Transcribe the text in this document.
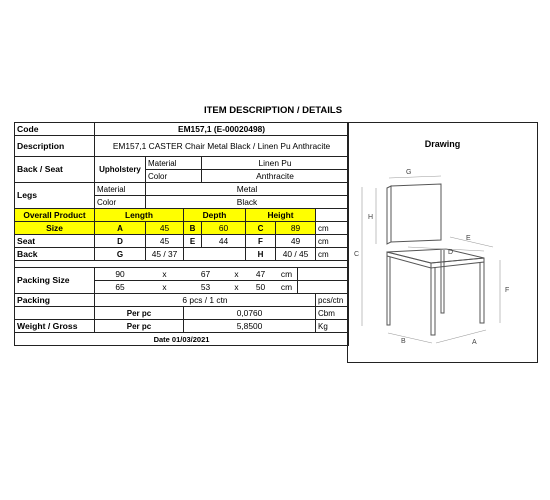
ITEM DESCRIPTION / DETAILS
Code	EM157,1 (E-00020498)								
Description	EM157,1 CASTER Chair Metal Black / Linen Pu Anthracite								
Back / Seat	Upholstery	Material		Linen Pu					
		Color		Anthracite					
Legs	Material	Metal							
	Color	Black							
Overall Product	Length		Depth			Height			
Size	A	45	B	60		C	89		cm
Seat	D	45	E	44		F	49		cm
Back	G	45 / 37				H	40 / 45		cm

Packing Size	90	x	67		x	47	cm		
	65	x	53		x	50	cm		
Packing	6 pcs / 1 ctn								pcs/ctn
	Per pc		0,0760						Cbm
Weight / Gross	Per pc		5,8500						Kg
Date 01/03/2021									
Drawing
G
H
C	D
E
F
B	A
